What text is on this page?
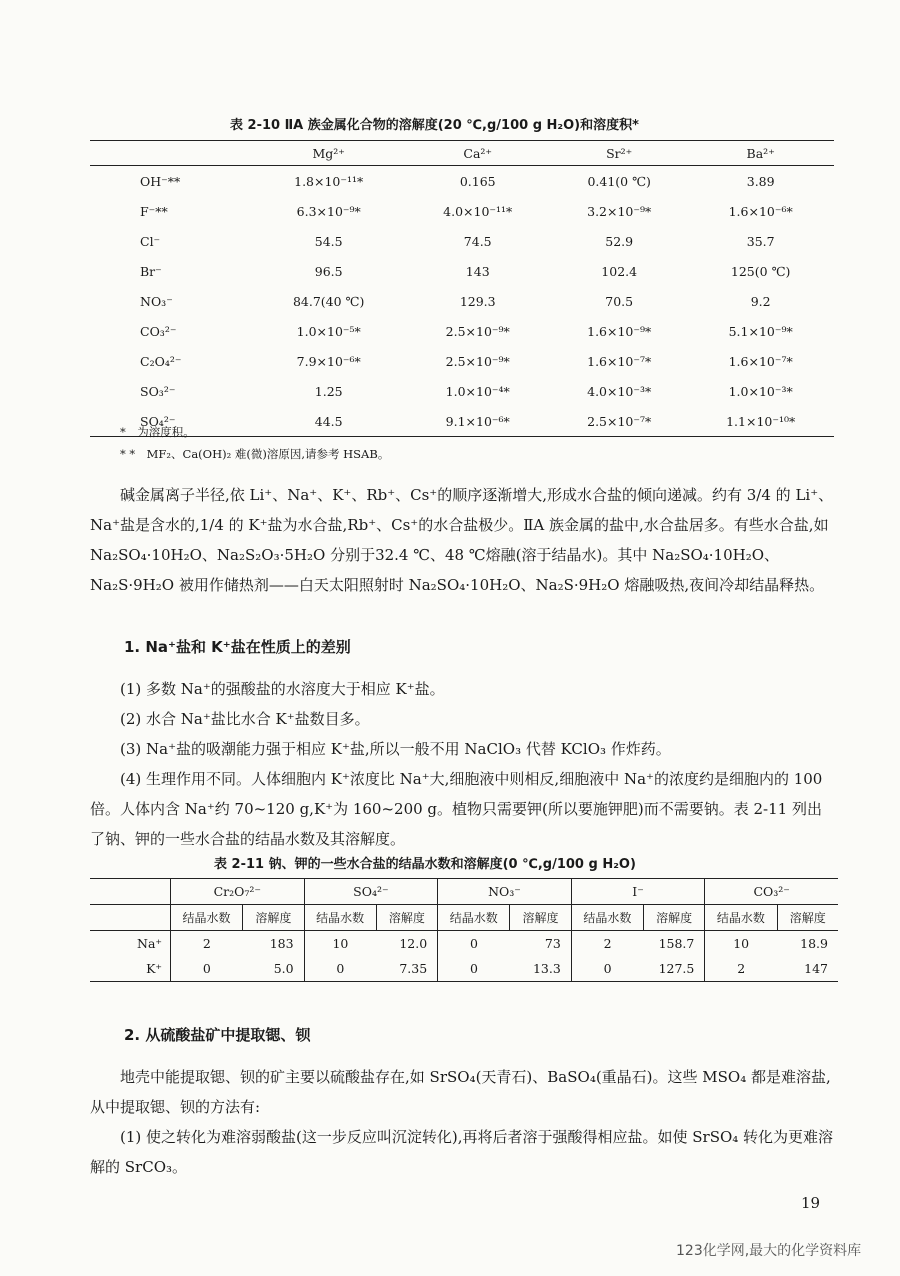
表 2-10 ⅡA 族金属化合物的溶解度(20 ℃,g/100 g H₂O)和溶度积*
	Mg²⁺	Ca²⁺	Sr²⁺	Ba²⁺
OH⁻**	1.8×10⁻¹¹*	0.165	0.41(0 ℃)	3.89
F⁻**	6.3×10⁻⁹*	4.0×10⁻¹¹*	3.2×10⁻⁹*	1.6×10⁻⁶*
Cl⁻	54.5	74.5	52.9	35.7
Br⁻	96.5	143	102.4	125(0 ℃)
NO₃⁻	84.7(40 ℃)	129.3	70.5	9.2
CO₃²⁻	1.0×10⁻⁵*	2.5×10⁻⁹*	1.6×10⁻⁹*	5.1×10⁻⁹*
C₂O₄²⁻	7.9×10⁻⁶*	2.5×10⁻⁹*	1.6×10⁻⁷*	1.6×10⁻⁷*
SO₃²⁻	1.25	1.0×10⁻⁴*	4.0×10⁻³*	1.0×10⁻³*
SO₄²⁻	44.5	9.1×10⁻⁶*	2.5×10⁻⁷*	1.1×10⁻¹⁰*
*　为溶度积。
* *　MF₂、Ca(OH)₂ 难(微)溶原因,请参考 HSAB。

碱金属离子半径,依 Li⁺、Na⁺、K⁺、Rb⁺、Cs⁺的顺序逐渐增大,形成水合盐的倾向递减。约有 3/4 的 Li⁺、Na⁺盐是含水的,1/4 的 K⁺盐为水合盐,Rb⁺、Cs⁺的水合盐极少。ⅡA 族金属的盐中,水合盐居多。有些水合盐,如 Na₂SO₄·10H₂O、Na₂S₂O₃·5H₂O 分别于32.4 ℃、48 ℃熔融(溶于结晶水)。其中 Na₂SO₄·10H₂O、Na₂S·9H₂O 被用作储热剂——白天太阳照射时 Na₂SO₄·10H₂O、Na₂S·9H₂O 熔融吸热,夜间冷却结晶释热。

1. Na⁺盐和 K⁺盐在性质上的差别

(1) 多数 Na⁺的强酸盐的水溶度大于相应 K⁺盐。

(2) 水合 Na⁺盐比水合 K⁺盐数目多。

(3) Na⁺盐的吸潮能力强于相应 K⁺盐,所以一般不用 NaClO₃ 代替 KClO₃ 作炸药。

(4) 生理作用不同。人体细胞内 K⁺浓度比 Na⁺大,细胞液中则相反,细胞液中 Na⁺的浓度约是细胞内的 100 倍。人体内含 Na⁺约 70~120 g,K⁺为 160~200 g。植物只需要钾(所以要施钾肥)而不需要钠。表 2-11 列出了钠、钾的一些水合盐的结晶水数及其溶解度。

表 2-11 钠、钾的一些水合盐的结晶水数和溶解度(0 ℃,g/100 g H₂O)
	Cr₂O₇²⁻		SO₄²⁻		NO₃⁻		I⁻		CO₃²⁻	
	结晶水数	溶解度	结晶水数	溶解度	结晶水数	溶解度	结晶水数	溶解度	结晶水数	溶解度
Na⁺	2	183	10	12.0	0	73	2	158.7	10	18.9
K⁺	0	5.0	0	7.35	0	13.3	0	127.5	2	147
2. 从硫酸盐矿中提取锶、钡

地壳中能提取锶、钡的矿主要以硫酸盐存在,如 SrSO₄(天青石)、BaSO₄(重晶石)。这些 MSO₄ 都是难溶盐,从中提取锶、钡的方法有:

(1) 使之转化为难溶弱酸盐(这一步反应叫沉淀转化),再将后者溶于强酸得相应盐。如使 SrSO₄ 转化为更难溶解的 SrCO₃。

19
123化学网,最大的化学资料库
